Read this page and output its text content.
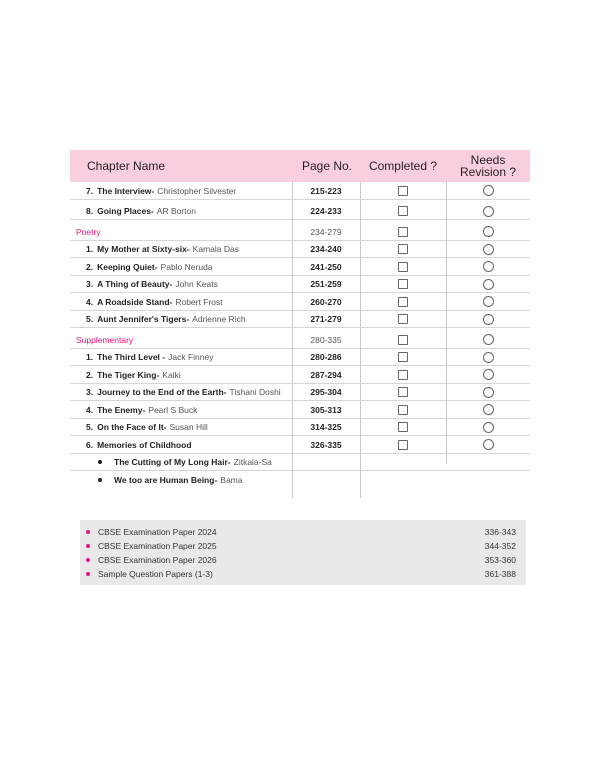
Chapter Name	Page No.	Completed ?	Needs
Revision ?
7. The Interview- Christopher Silvester	215-223
8. Going Places- AR Borton	224-233
Poetry	234-279
1. My Mother at Sixty-six- Kamala Das	234-240
2. Keeping Quiet- Pablo Neruda	241-250
3. A Thing of Beauty- John Keats	251-259
4. A Roadside Stand- Robert Frost	260-270
5. Aunt Jennifer's Tigers- Adrienne Rich	271-279
Supplementary	280-335
1. The Third Level - Jack Finney	280-286
2. The Tiger King- Kalki	287-294
3. Journey to the End of the Earth- Tishani Doshi	295-304
4. The Enemy- Pearl S Buck	305-313
5. On the Face of It- Susan Hill	314-325
6. Memories of Childhood	326-335
The Cutting of My Long Hair- Zitkala-Sa
We too are Human Being- Bama
CBSE Examination Paper 2024	336-343
CBSE Examination Paper 2025	344-352
CBSE Examination Paper 2026	353-360
Sample Question Papers (1-3)	361-388
